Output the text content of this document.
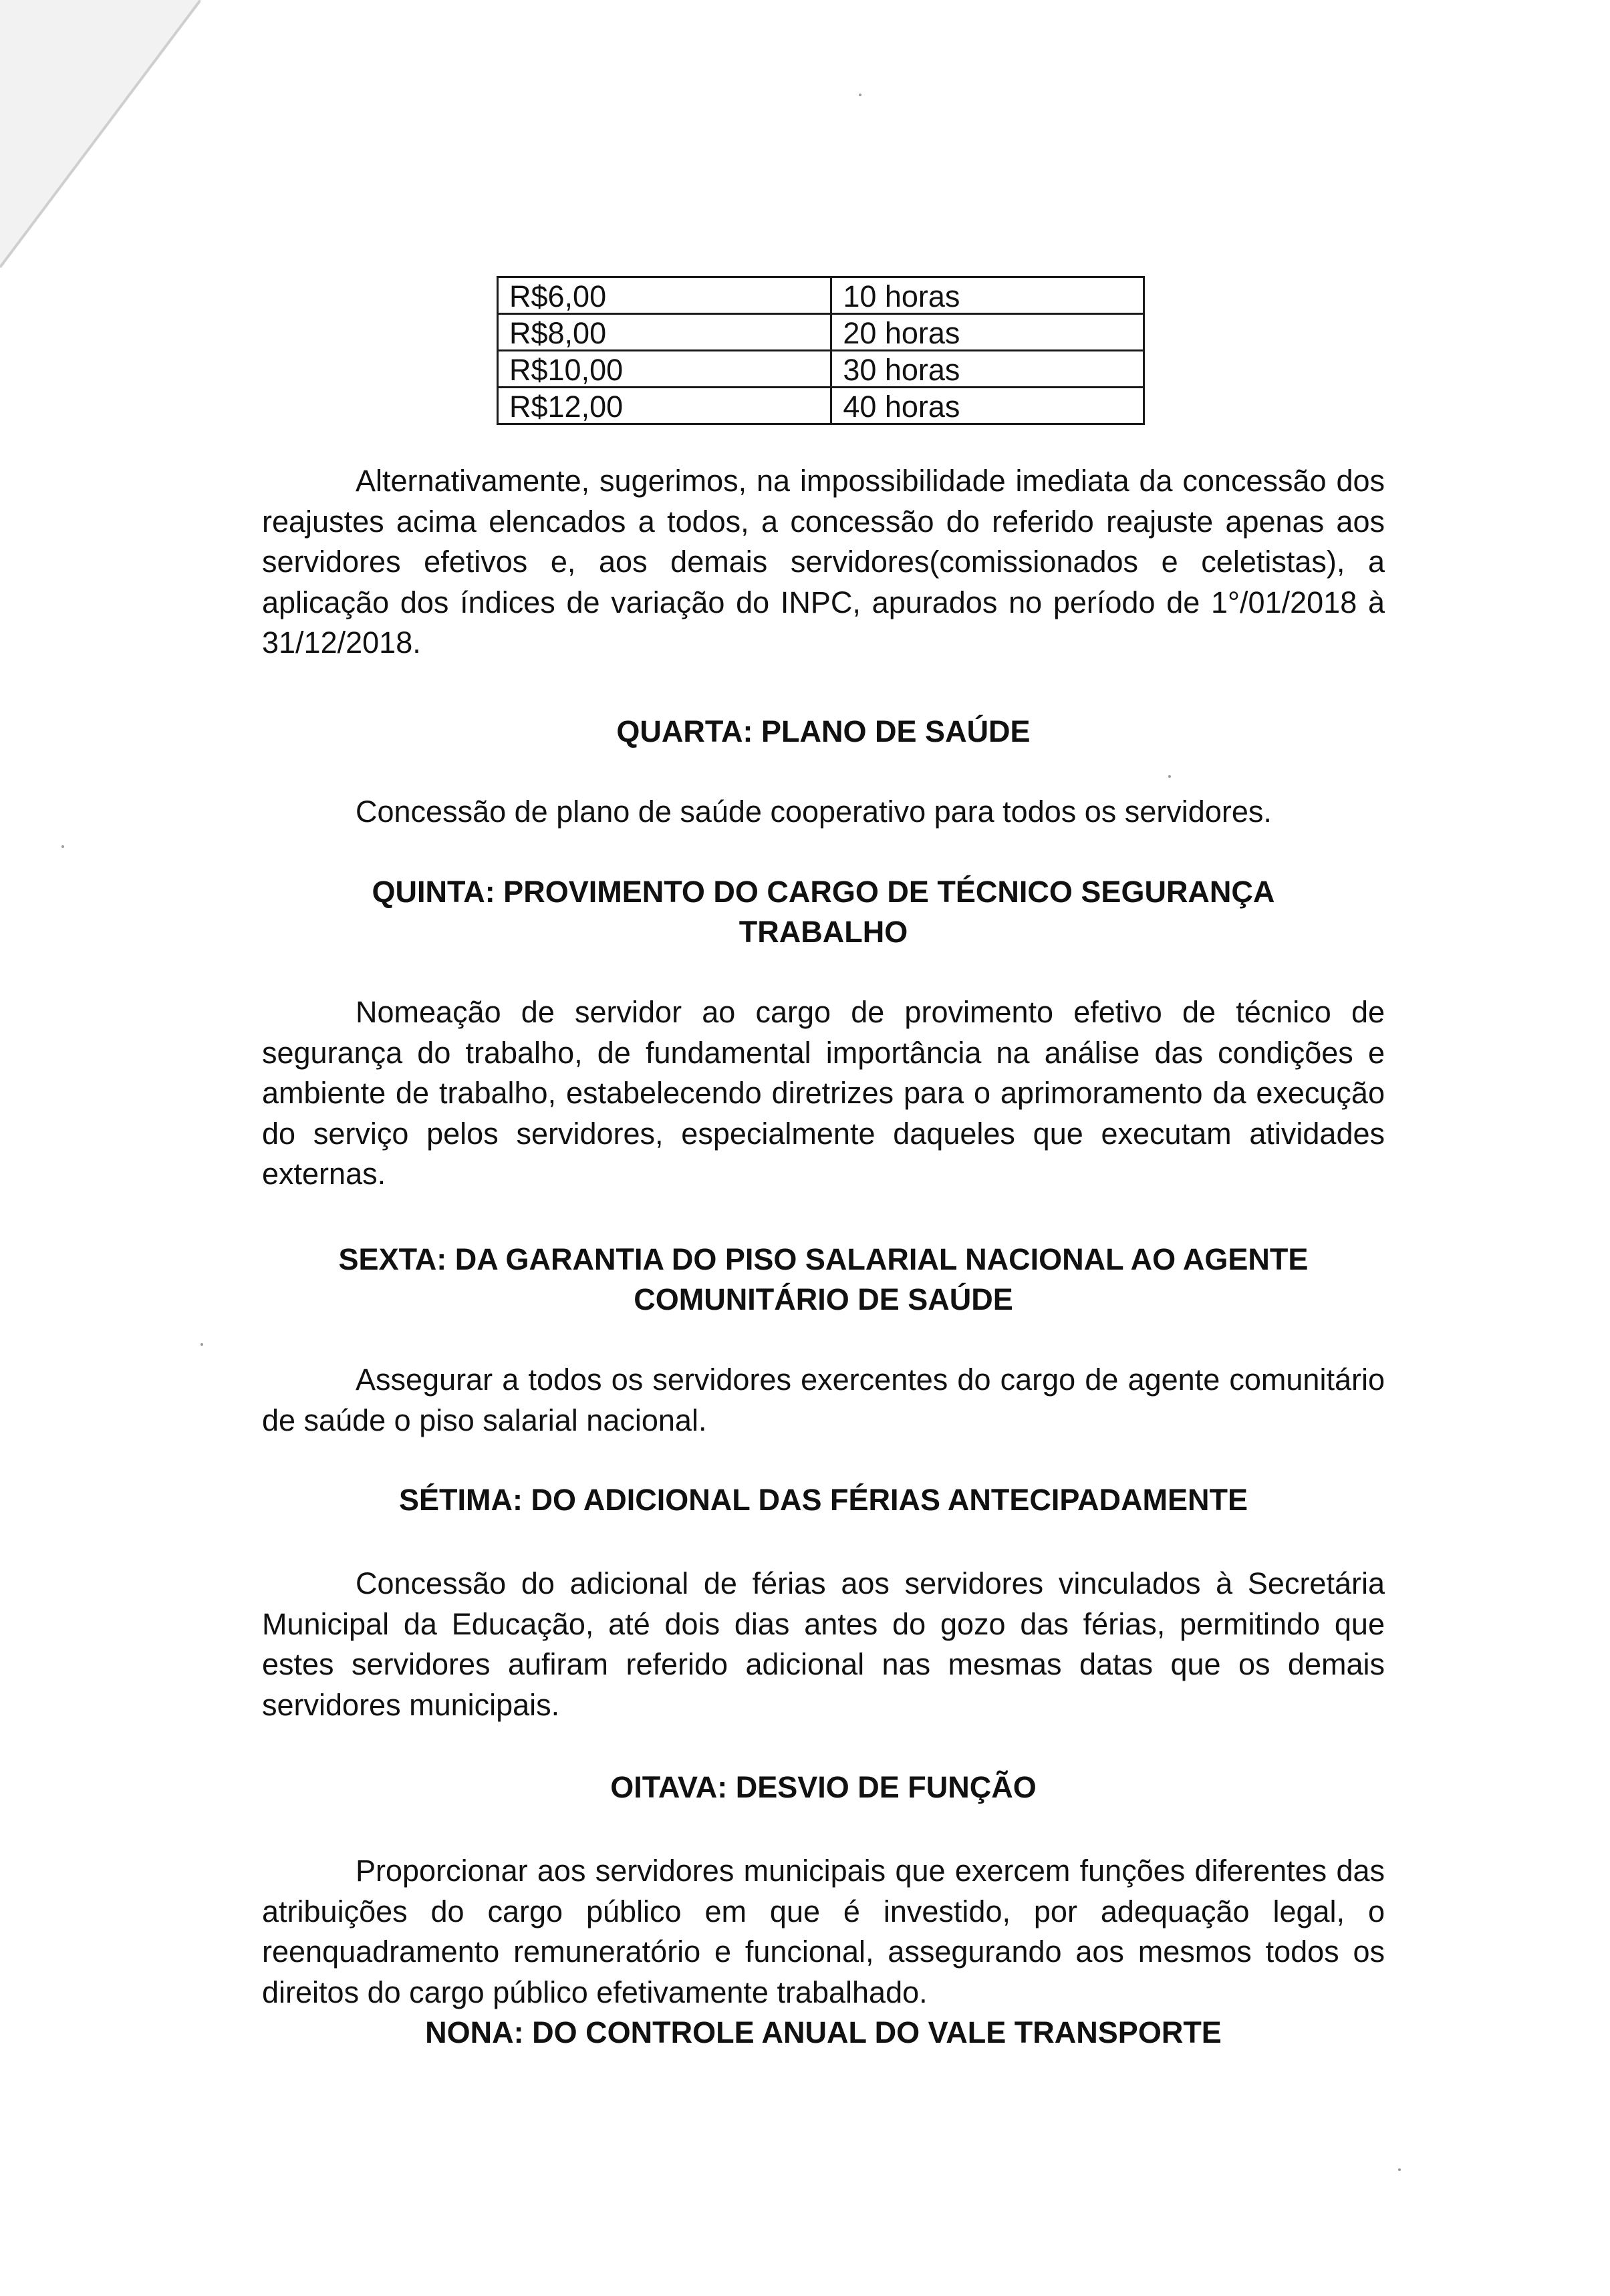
R$6,00	10 horas
R$8,00	20 horas
R$10,00	30 horas
R$12,00	40 horas

Alternativamente, sugerimos, na impossibilidade imediata da concessão dos reajustes acima elencados a todos, a concessão do referido reajuste apenas aos servidores efetivos e, aos demais servidores(comissionados e celetistas), a aplicação dos índices de variação do INPC, apurados no período de 1°/01/2018 à 31/12/2018.

QUARTA: PLANO DE SAÚDE

Concessão de plano de saúde cooperativo para todos os servidores.

QUINTA: PROVIMENTO DO CARGO DE TÉCNICO SEGURANÇA

TRABALHO

Nomeação de servidor ao cargo de provimento efetivo de técnico de segurança do trabalho, de fundamental importância na análise das condições e ambiente de trabalho, estabelecendo diretrizes para o aprimoramento da execução do serviço pelos servidores, especialmente daqueles que executam atividades externas.

SEXTA: DA GARANTIA DO PISO SALARIAL NACIONAL AO AGENTE

COMUNITÁRIO DE SAÚDE

Assegurar a todos os servidores exercentes do cargo de agente comunitário de saúde o piso salarial nacional.

SÉTIMA: DO ADICIONAL DAS FÉRIAS ANTECIPADAMENTE

Concessão do adicional de férias aos servidores vinculados à Secretária Municipal da Educação, até dois dias antes do gozo das férias, permitindo que estes servidores aufiram referido adicional nas mesmas datas que os demais servidores municipais.

OITAVA: DESVIO DE FUNÇÃO

Proporcionar aos servidores municipais que exercem funções diferentes das atribuições do cargo público em que é investido, por adequação legal, o reenquadramento remuneratório e funcional, assegurando aos mesmos todos os direitos do cargo público efetivamente trabalhado.

NONA: DO CONTROLE ANUAL DO VALE TRANSPORTE
